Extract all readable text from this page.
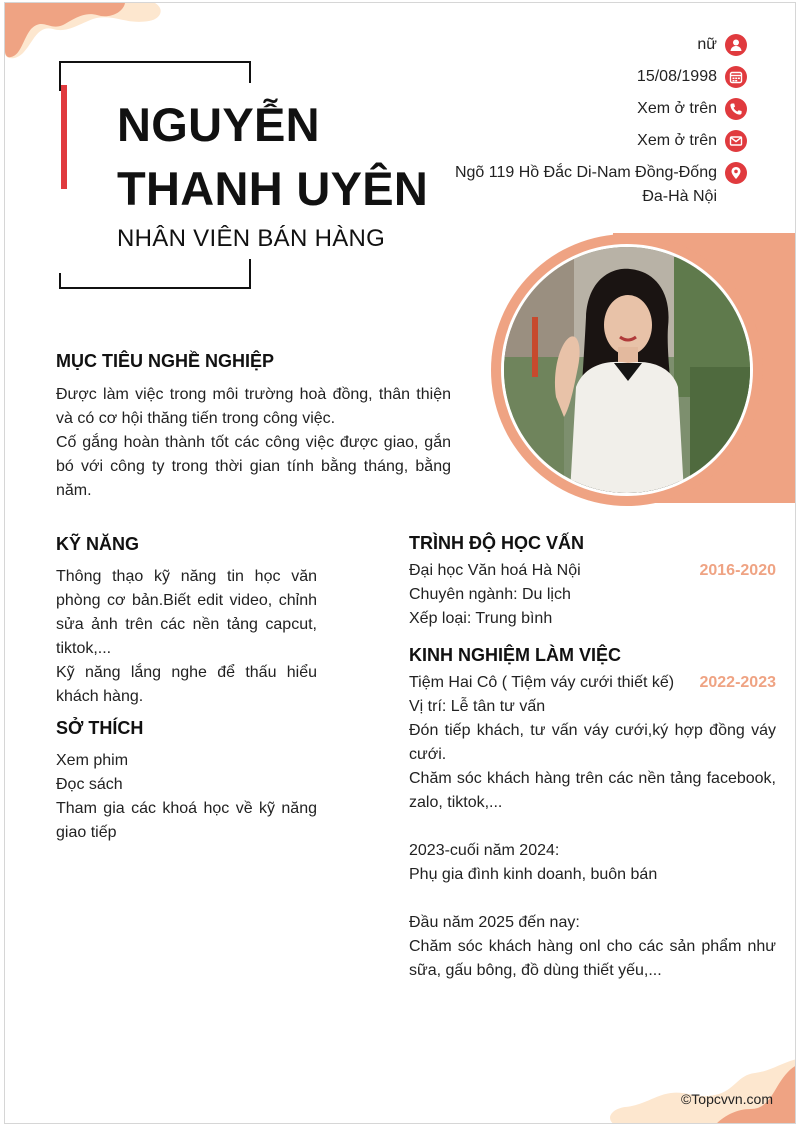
NGUYỄN
THANH UYÊN
NHÂN VIÊN BÁN HÀNG
nữ
15/08/1998
Xem ở trên
Xem ở trên
Ngõ 119 Hồ Đắc Di-Nam Đồng-Đống
Đa-Hà Nội
MỤC TIÊU NGHỀ NGHIỆP

Được làm việc trong môi trường hoà đồng, thân thiện và có cơ hội thăng tiến trong công việc.

Cố gắng hoàn thành tốt các công việc được giao, gắn bó với công ty trong thời gian tính bằng tháng, bằng năm.

KỸ NĂNG

Thông thạo kỹ năng tin học văn phòng cơ bản.Biết edit video, chỉnh sửa ảnh trên các nền tảng capcut, tiktok,...

Kỹ năng lắng nghe để thấu hiểu khách hàng.

SỞ THÍCH

Xem phim

Đọc sách

Tham gia các khoá học về kỹ năng giao tiếp

TRÌNH ĐỘ HỌC VẤN
Đại học Văn hoá Hà Nội	2016-2020
Chuyên ngành: Du lịch
Xếp loại: Trung bình
KINH NGHIỆM LÀM VIỆC
Tiệm Hai Cô ( Tiệm váy cưới thiết kế) 2022-2023
Vị trí: Lễ tân tư vấn
Đón tiếp khách, tư vấn váy cưới,ký hợp đồng váy cưới.
Chăm sóc khách hàng trên các nền tảng facebook, zalo, tiktok,...
2023-cuối năm 2024:
Phụ gia đình kinh doanh, buôn bán
Đầu năm 2025 đến nay:
Chăm sóc khách hàng onl cho các sản phẩm như sữa, gấu bông, đồ dùng thiết yếu,...
©Topcvvn.com
